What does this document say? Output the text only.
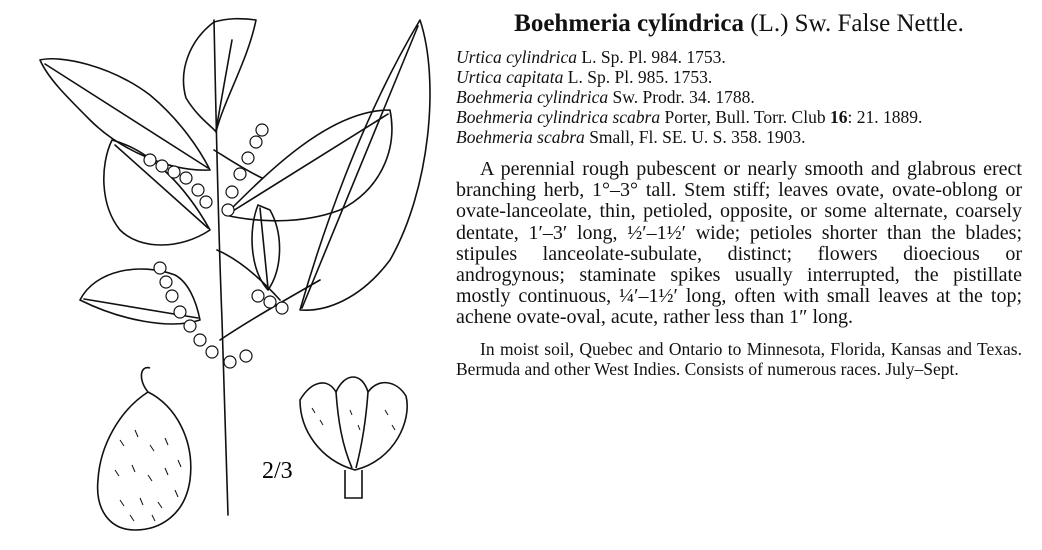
2/3
Boehmeria cylíndrica (L.) Sw. False Nettle.

Urtica cylindrica L. Sp. Pl. 984. 1753.

Urtica capitata L. Sp. Pl. 985. 1753.

Boehmeria cylindrica Sw. Prodr. 34. 1788.

Boehmeria cylindrica scabra Porter, Bull. Torr. Club 16: 21. 1889.

Boehmeria scabra Small, Fl. SE. U. S. 358. 1903.

A perennial rough pubescent or nearly smooth and glabrous erect branching herb, 1°–3° tall. Stem stiff; leaves ovate, ovate-oblong or ovate-lanceolate, thin, petioled, opposite, or some alternate, coarsely dentate, 1′–3′ long, ½′–1½′ wide; petioles shorter than the blades; stipules lanceolate-subulate, distinct; flowers dioecious or androgynous; staminate spikes usually interrupted, the pistillate mostly continuous, ¼′–1½′ long, often with small leaves at the top; achene ovate-oval, acute, rather less than 1″ long.

In moist soil, Quebec and Ontario to Minnesota, Florida, Kansas and Texas. Bermuda and other West Indies. Consists of numerous races. July–Sept.
